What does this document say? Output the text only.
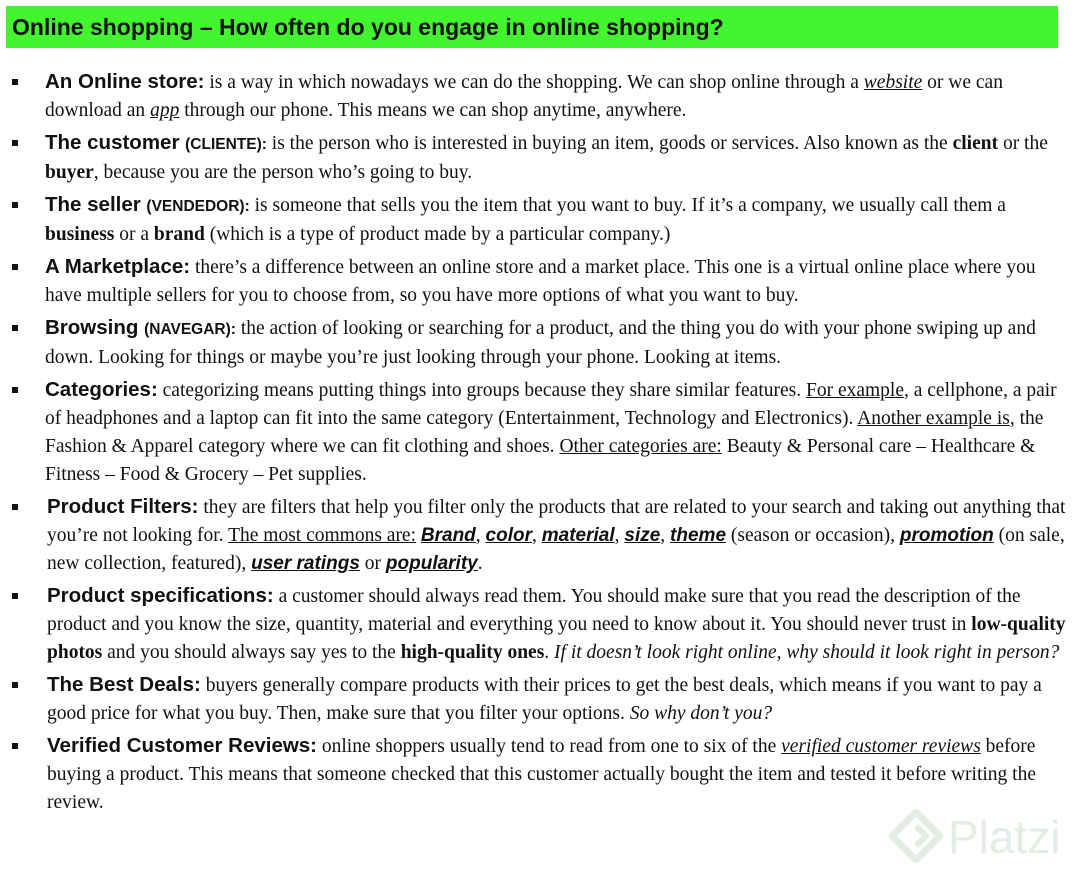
Online shopping – How often do you engage in online shopping?
An Online store: is a way in which nowadays we can do the shopping. We can shop online through a website or we can download an app through our phone. This means we can shop anytime, anywhere.
The customer (CLIENTE): is the person who is interested in buying an item, goods or services. Also known as the client or the buyer, because you are the person who’s going to buy.
The seller (VENDEDOR): is someone that sells you the item that you want to buy. If it’s a company, we usually call them a business or a brand (which is a type of product made by a particular company.)
A Marketplace: there’s a difference between an online store and a market place. This one is a virtual online place where you have multiple sellers for you to choose from, so you have more options of what you want to buy.
Browsing (NAVEGAR): the action of looking or searching for a product, and the thing you do with your phone swiping up and down. Looking for things or maybe you’re just looking through your phone. Looking at items.
Categories: categorizing means putting things into groups because they share similar features. For example, a cellphone, a pair of headphones and a laptop can fit into the same category (Entertainment, Technology and Electronics). Another example is, the Fashion & Apparel category where we can fit clothing and shoes. Other categories are: Beauty & Personal care – Healthcare & Fitness – Food & Grocery – Pet supplies.
Product Filters: they are filters that help you filter only the products that are related to your search and taking out anything that you’re not looking for. The most commons are: Brand, color, material, size, theme (season or occasion), promotion (on sale, new collection, featured), user ratings or popularity.
Product specifications: a customer should always read them. You should make sure that you read the description of the product and you know the size, quantity, material and everything you need to know about it. You should never trust in low-quality photos and you should always say yes to the high-quality ones. If it doesn’t look right online, why should it look right in person?
The Best Deals: buyers generally compare products with their prices to get the best deals, which means if you want to pay a good price for what you buy. Then, make sure that you filter your options. So why don’t you?
Verified Customer Reviews: online shoppers usually tend to read from one to six of the verified customer reviews before buying a product. This means that someone checked that this customer actually bought the item and tested it before writing the review.
Platzi
